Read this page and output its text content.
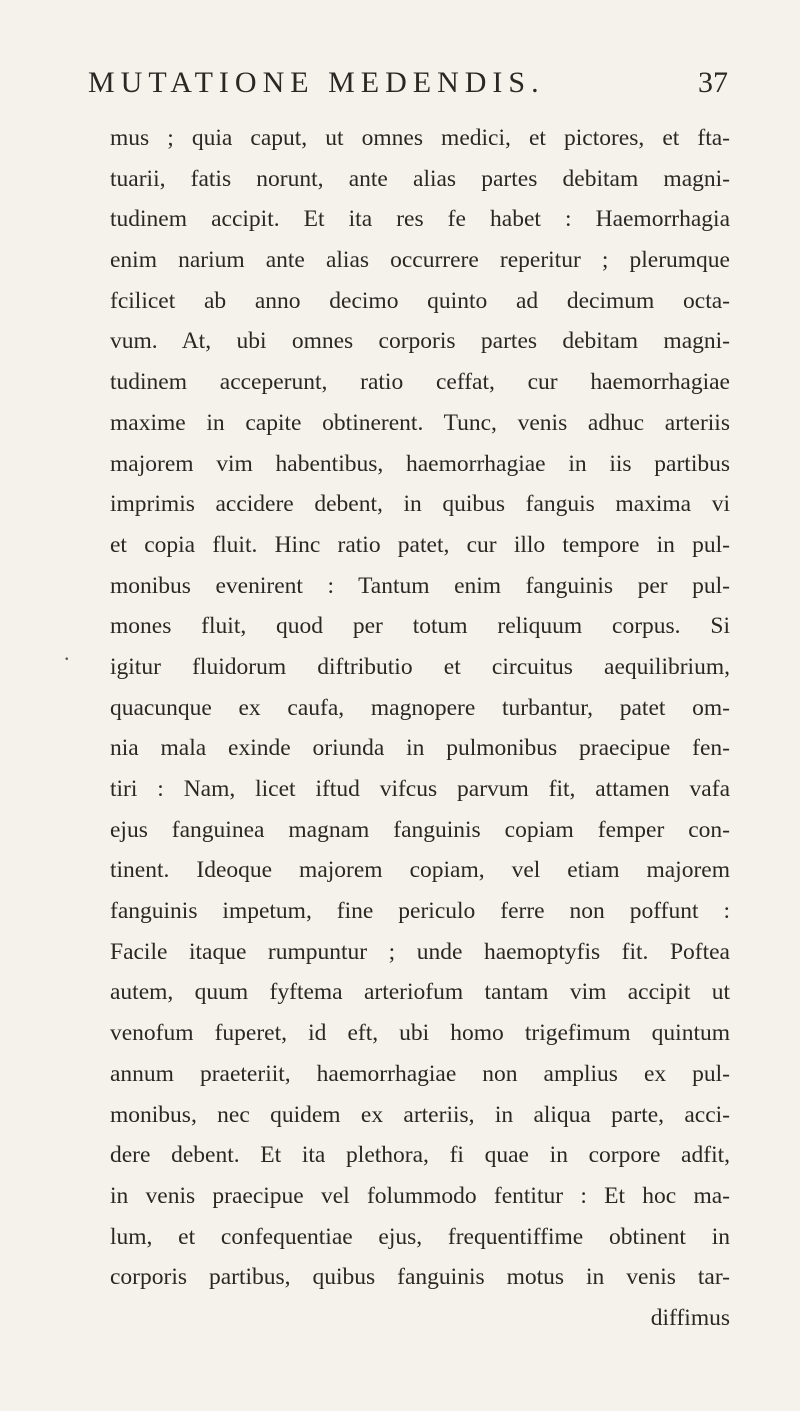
MUTATIONE MEDENDIS.	37
.
mus ; quia caput, ut omnes medici, et pictores, et fta-
tuarii, fatis norunt, ante alias partes debitam magni-
tudinem accipit. Et ita res fe habet : Haemorrhagia
enim narium ante alias occurrere reperitur ; plerumque
fcilicet ab anno decimo quinto ad decimum octa-
vum. At, ubi omnes corporis partes debitam magni-
tudinem acceperunt, ratio ceffat, cur haemorrhagiae
maxime in capite obtinerent. Tunc, venis adhuc arteriis
majorem vim habentibus, haemorrhagiae in iis partibus
imprimis accidere debent, in quibus fanguis maxima vi
et copia fluit. Hinc ratio patet, cur illo tempore in pul-
monibus evenirent : Tantum enim fanguinis per pul-
mones fluit, quod per totum reliquum corpus. Si
igitur fluidorum diftributio et circuitus aequilibrium,
quacunque ex caufa, magnopere turbantur, patet om-
nia mala exinde oriunda in pulmonibus praecipue fen-
tiri : Nam, licet iftud vifcus parvum fit, attamen vafa
ejus fanguinea magnam fanguinis copiam femper con-
tinent. Ideoque majorem copiam, vel etiam majorem
fanguinis impetum, fine periculo ferre non poffunt :
Facile itaque rumpuntur ; unde haemoptyfis fit. Poftea
autem, quum fyftema arteriofum tantam vim accipit ut
venofum fuperet, id eft, ubi homo trigefimum quintum
annum praeteriit, haemorrhagiae non amplius ex pul-
monibus, nec quidem ex arteriis, in aliqua parte, acci-
dere debent. Et ita plethora, fi quae in corpore adfit,
in venis praecipue vel folummodo fentitur : Et hoc ma-
lum, et confequentiae ejus, frequentiffime obtinent in
corporis partibus, quibus fanguinis motus in venis tar-
diffimus
